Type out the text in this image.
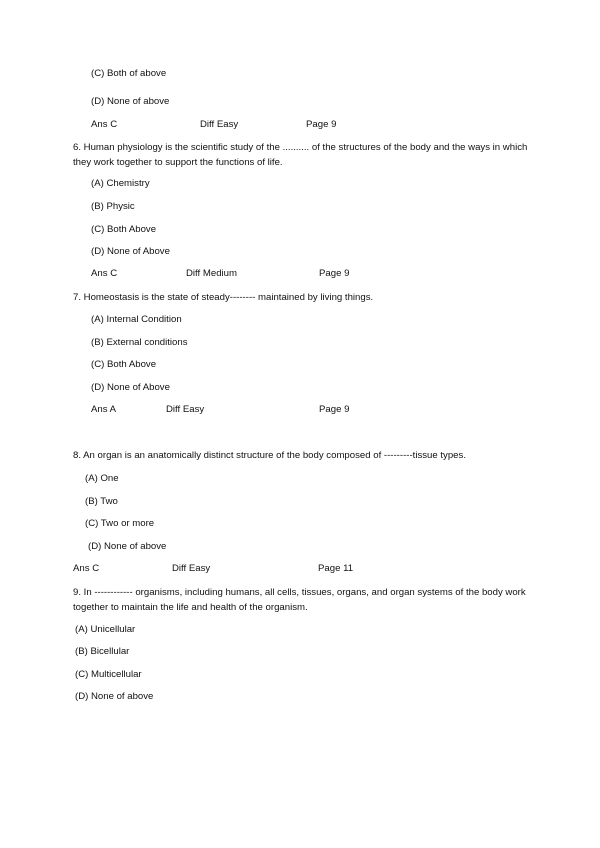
(C) Both of above
(D) None of above
Ans C	Diff Easy	Page 9
6. Human physiology is the scientific study of the .......... of the structures of the body and the ways in which they work together to support the functions of life.
(A) Chemistry
(B) Physic
(C) Both Above
(D) None of Above
Ans C	Diff Medium	Page 9
7. Homeostasis is the state of steady-------- maintained by living things.
(A) Internal Condition
(B) External conditions
(C) Both Above
(D) None of Above
Ans A	Diff Easy	Page 9
8. An organ is an anatomically distinct structure of the body composed of ---------tissue types.
(A) One
(B) Two
(C) Two or more
(D) None of above
Ans C	Diff Easy	Page 11
9. In ------------ organisms, including humans, all cells, tissues, organs, and organ systems of the body work together to maintain the life and health of the organism.
(A) Unicellular
(B) Bicellular
(C) Multicellular
(D) None of above
